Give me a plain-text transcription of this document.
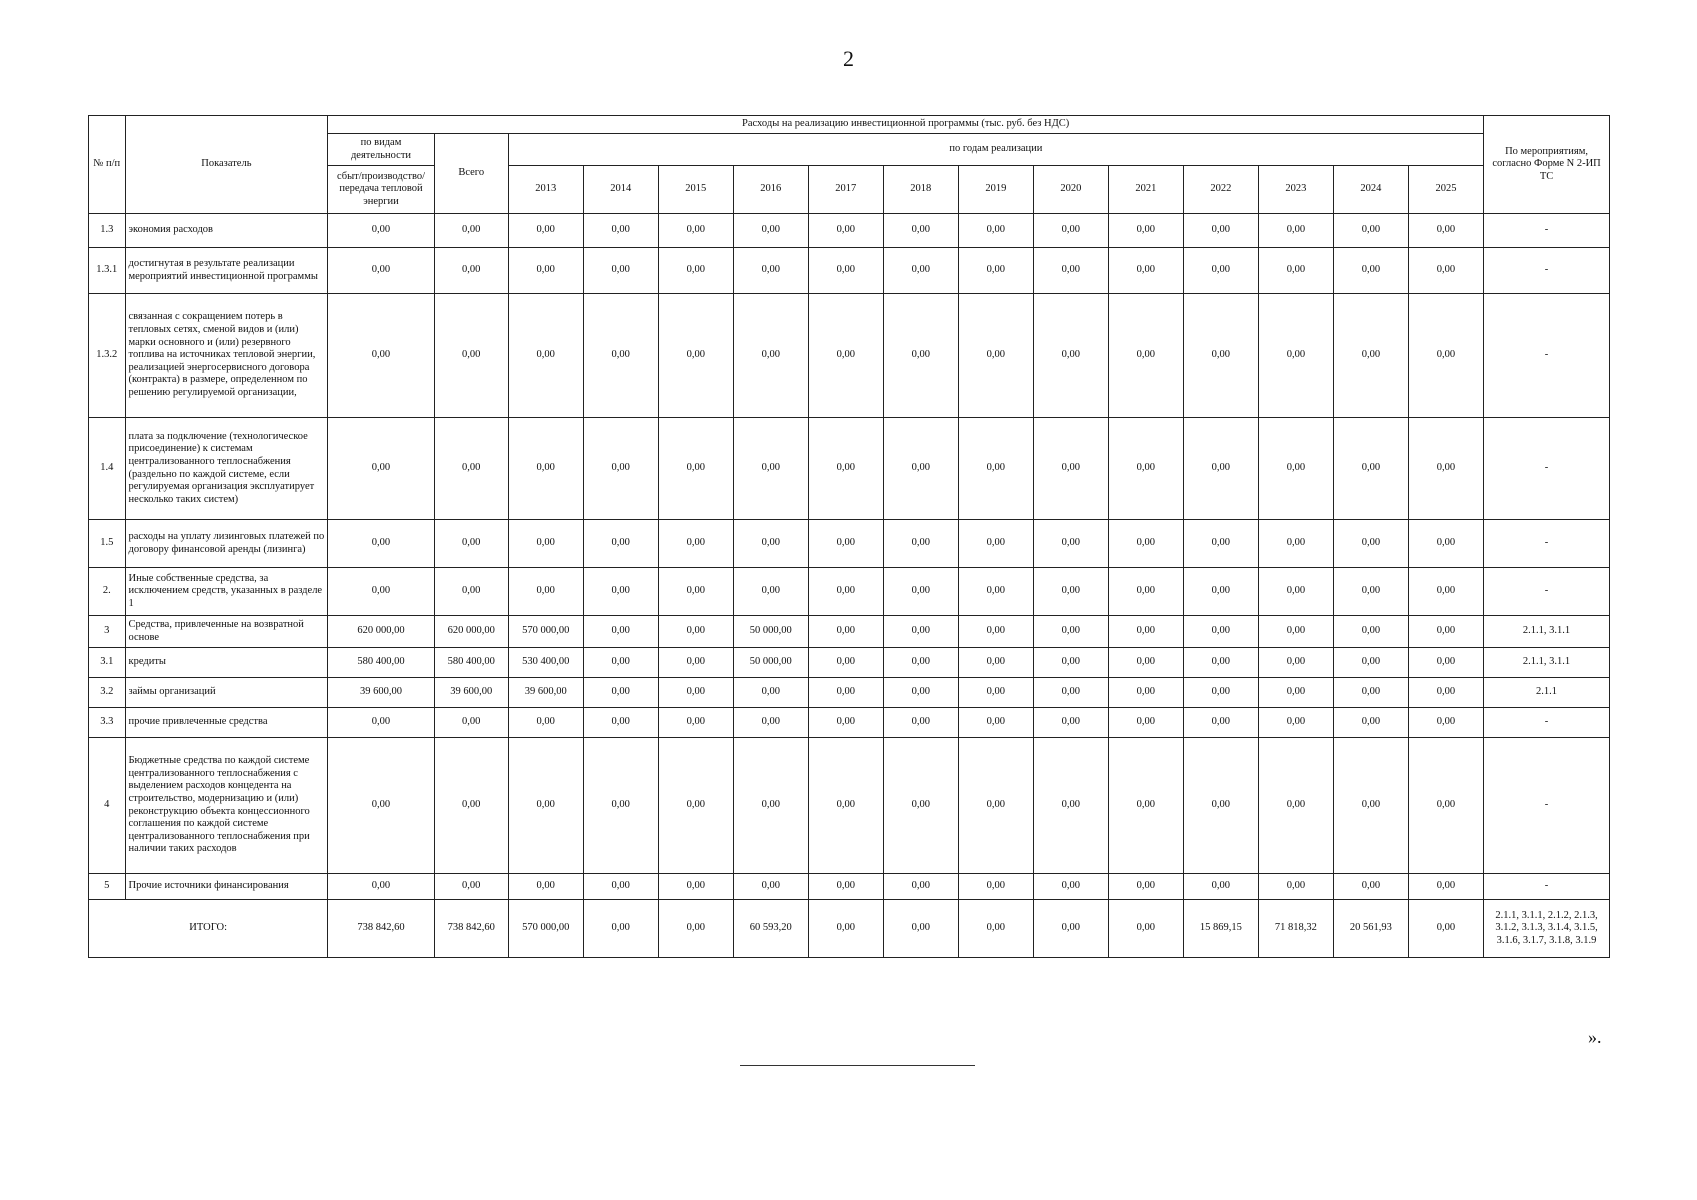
2
№ п/п	Показатель	Расходы на реализацию инвестиционной программы (тыс. руб. без НДС)															По мероприятиям, согласно Форме N 2-ИП ТС
		по видам деятельности	Всего	по годам реализации													
		сбыт/производство/передача тепловой энергии		2013	2014	2015	2016	2017	2018	2019	2020	2021	2022	2023	2024	2025	
1.3	экономия расходов	0,00	0,00	0,00	0,00	0,00	0,00	0,00	0,00	0,00	0,00	0,00	0,00	0,00	0,00	0,00	-
1.3.1	достигнутая в результате реализации мероприятий инвестиционной программы	0,00	0,00	0,00	0,00	0,00	0,00	0,00	0,00	0,00	0,00	0,00	0,00	0,00	0,00	0,00	-
1.3.2	связанная с сокращением потерь в тепловых сетях, сменой видов и (или) марки основного и (или) резервного топлива на источниках тепловой энергии, реализацией энергосервисного договора (контракта) в размере, определенном по решению регулируемой организации,	0,00	0,00	0,00	0,00	0,00	0,00	0,00	0,00	0,00	0,00	0,00	0,00	0,00	0,00	0,00	-
1.4	плата за подключение (технологическое присоединение) к системам централизованного теплоснабжения (раздельно по каждой системе, если регулируемая организация эксплуатирует несколько таких систем)	0,00	0,00	0,00	0,00	0,00	0,00	0,00	0,00	0,00	0,00	0,00	0,00	0,00	0,00	0,00	-
1.5	расходы на уплату лизинговых платежей по договору финансовой аренды (лизинга)	0,00	0,00	0,00	0,00	0,00	0,00	0,00	0,00	0,00	0,00	0,00	0,00	0,00	0,00	0,00	-
2.	Иные собственные средства, за исключением средств, указанных в разделе 1	0,00	0,00	0,00	0,00	0,00	0,00	0,00	0,00	0,00	0,00	0,00	0,00	0,00	0,00	0,00	-
3	Средства, привлеченные на возвратной основе	620 000,00	620 000,00	570 000,00	0,00	0,00	50 000,00	0,00	0,00	0,00	0,00	0,00	0,00	0,00	0,00	0,00	2.1.1, 3.1.1
3.1	кредиты	580 400,00	580 400,00	530 400,00	0,00	0,00	50 000,00	0,00	0,00	0,00	0,00	0,00	0,00	0,00	0,00	0,00	2.1.1, 3.1.1
3.2	займы организаций	39 600,00	39 600,00	39 600,00	0,00	0,00	0,00	0,00	0,00	0,00	0,00	0,00	0,00	0,00	0,00	0,00	2.1.1
3.3	прочие привлеченные средства	0,00	0,00	0,00	0,00	0,00	0,00	0,00	0,00	0,00	0,00	0,00	0,00	0,00	0,00	0,00	-
4	Бюджетные средства по каждой системе централизованного теплоснабжения с выделением расходов концедента на строительство, модернизацию и (или) реконструкцию объекта концессионного соглашения по каждой системе централизованного теплоснабжения при наличии таких расходов	0,00	0,00	0,00	0,00	0,00	0,00	0,00	0,00	0,00	0,00	0,00	0,00	0,00	0,00	0,00	-
5	Прочие источники финансирования	0,00	0,00	0,00	0,00	0,00	0,00	0,00	0,00	0,00	0,00	0,00	0,00	0,00	0,00	0,00	-
ИТОГО:		738 842,60	738 842,60	570 000,00	0,00	0,00	60 593,20	0,00	0,00	0,00	0,00	0,00	15 869,15	71 818,32	20 561,93	0,00	2.1.1, 3.1.1, 2.1.2, 2.1.3, 3.1.2, 3.1.3, 3.1.4, 3.1.5, 3.1.6, 3.1.7, 3.1.8, 3.1.9
».
